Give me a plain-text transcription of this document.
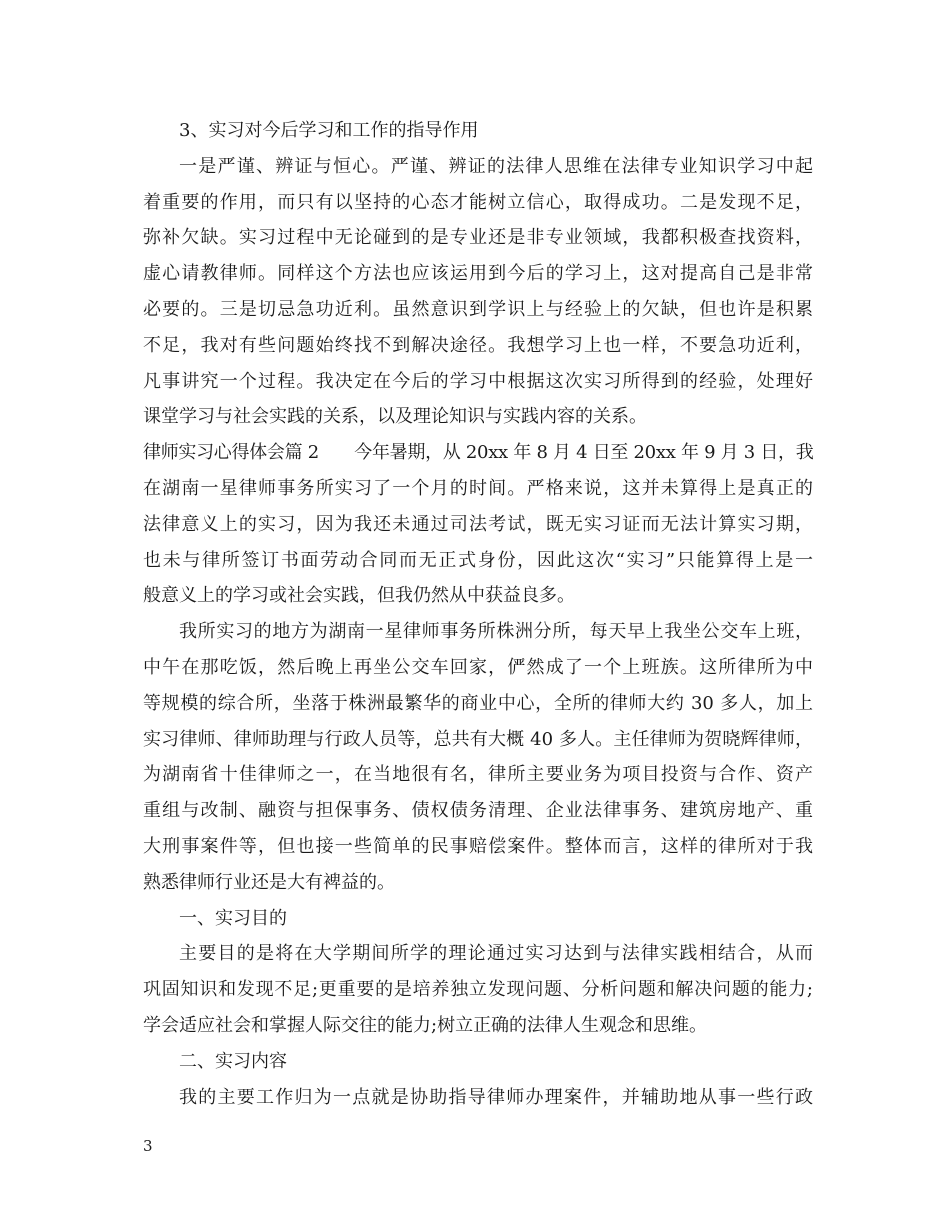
3、实习对今后学习和工作的指导作用
一是严谨、辨证与恒心。严谨、辨证的法律人思维在法律专业知识学习中起
着重要的作用，而只有以坚持的心态才能树立信心，取得成功。二是发现不足，
弥补欠缺。实习过程中无论碰到的是专业还是非专业领域，我都积极查找资料，
虚心请教律师。同样这个方法也应该运用到今后的学习上，这对提高自己是非常
必要的。三是切忌急功近利。虽然意识到学识上与经验上的欠缺，但也许是积累
不足，我对有些问题始终找不到解决途径。我想学习上也一样，不要急功近利，
凡事讲究一个过程。我决定在今后的学习中根据这次实习所得到的经验，处理好
课堂学习与社会实践的关系，以及理论知识与实践内容的关系。
律师实习心得体会篇 2　　今年暑期，从 20xx 年 8 月 4 日至 20xx 年 9 月 3 日，我
在湖南一星律师事务所实习了一个月的时间。严格来说，这并未算得上是真正的
法律意义上的实习，因为我还未通过司法考试，既无实习证而无法计算实习期，
也未与律所签订书面劳动合同而无正式身份，因此这次“实习”只能算得上是一
般意义上的学习或社会实践，但我仍然从中获益良多。
我所实习的地方为湖南一星律师事务所株洲分所，每天早上我坐公交车上班，
中午在那吃饭，然后晚上再坐公交车回家，俨然成了一个上班族。这所律所为中
等规模的综合所，坐落于株洲最繁华的商业中心，全所的律师大约 30 多人，加上
实习律师、律师助理与行政人员等，总共有大概 40 多人。主任律师为贺晓辉律师，
为湖南省十佳律师之一，在当地很有名，律所主要业务为项目投资与合作、资产
重组与改制、融资与担保事务、债权债务清理、企业法律事务、建筑房地产、重
大刑事案件等，但也接一些简单的民事赔偿案件。整体而言，这样的律所对于我
熟悉律师行业还是大有裨益的。
一、实习目的
主要目的是将在大学期间所学的理论通过实习达到与法律实践相结合，从而
巩固知识和发现不足;更重要的是培养独立发现问题、分析问题和解决问题的能力;
学会适应社会和掌握人际交往的能力;树立正确的法律人生观念和思维。
二、实习内容
我的主要工作归为一点就是协助指导律师办理案件，并辅助地从事一些行政
3
